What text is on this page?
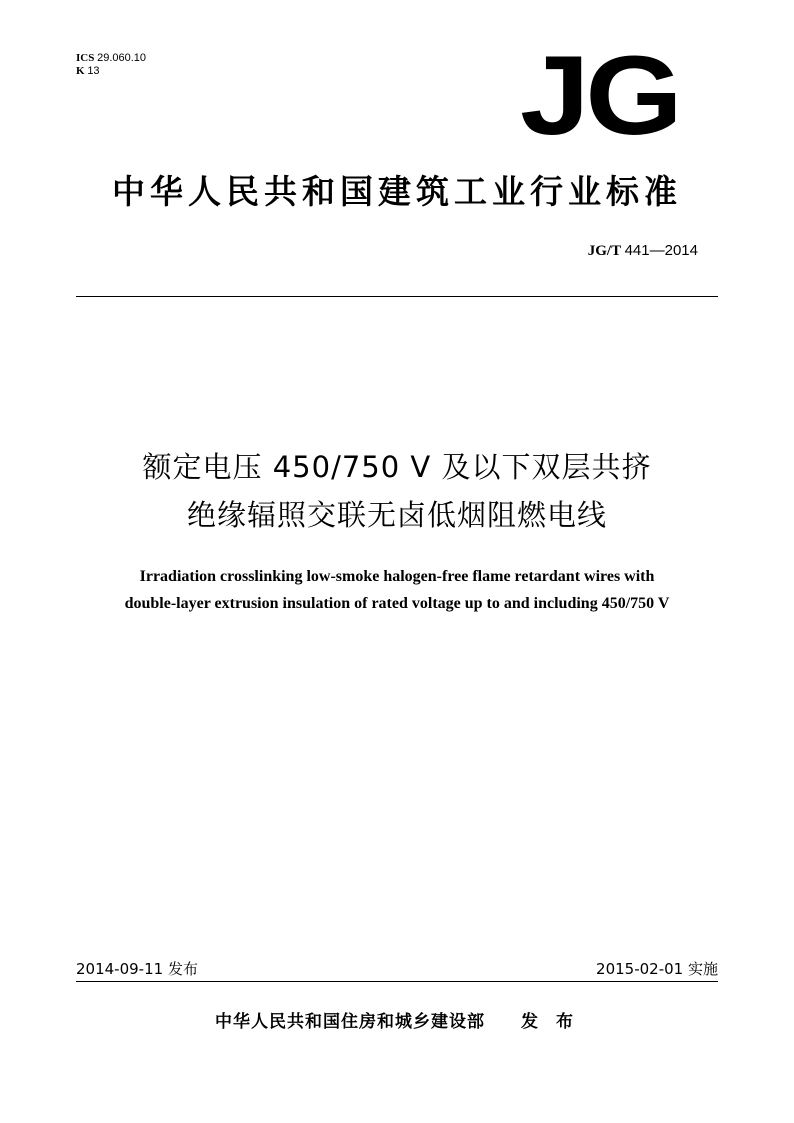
ICS 29.060.10
K 13	JG
中华人民共和国建筑工业行业标准
JG/T 441—2014
额定电压 450/750 V 及以下双层共挤
绝缘辐照交联无卤低烟阻燃电线
Irradiation crosslinking low-smoke halogen-free flame retardant wires with
double-layer extrusion insulation of rated voltage up to and including 450/750 V
2014-09-11 发布	2015-02-01 实施
中华人民共和国住房和城乡建设部 发 布
